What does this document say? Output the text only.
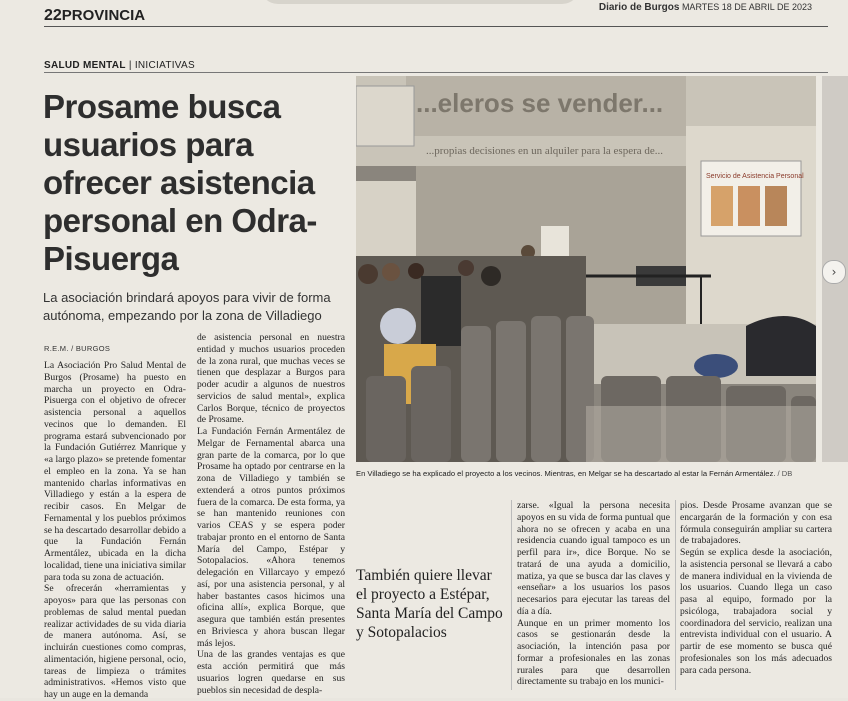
22PROVINCIA	Diario de Burgos MARTES 18 DE ABRIL DE 2023
SALUD MENTAL | INICIATIVAS
Prosame busca usuarios para ofrecer asistencia personal en Odra-Pisuerga
La asociación brindará apoyos para vivir de forma autónoma, empezando por la zona de Villadiego
R.E.M. / BURGOS
La Asociación Pro Salud Mental de Burgos (Prosame) ha puesto en marcha un proyecto en Odra-Pisuerga con el objetivo de ofrecer asistencia personal a aquellos vecinos que lo demanden. El programa estará subvencionado por la Fundación Gutiérrez Manrique y «a largo plazo» se pretende fomentar el empleo en la zona. Ya se han mantenido charlas informativas en Villadiego y están a la espera de recibir casos. En Melgar de Fernamental y los pueblos próximos se ha descartado desarrollar debido a que la Fundación Fernán Armentález, ubicada en la dicha localidad, tiene una iniciativa similar para toda su zona de actuación.
Se ofrecerán «herramientas y apoyos» para que las personas con problemas de salud mental puedan realizar actividades de su vida diaria de manera autónoma. Así, se incluirán cuestiones como compras, alimentación, higiene personal, ocio, tareas de limpieza o trámites administrativos. «Hemos visto que hay un auge en la demanda
de asistencia personal en nuestra entidad y muchos usuarios proceden de la zona rural, que muchas veces se tienen que desplazar a Burgos para poder acudir a algunos de nuestros servicios de salud mental», explica Carlos Borque, técnico de proyectos de Prosame.
La Fundación Fernán Armentález de Melgar de Fernamental abarca una gran parte de la comarca, por lo que Prosame ha optado por centrarse en la zona de Villadiego y también se extenderá a otros puntos próximos fuera de la comarca. De esta forma, ya se han mantenido reuniones con varios CEAS y se espera poder trabajar pronto en el entorno de Santa María del Campo, Estépar y Sotopalacios. «Ahora tenemos delegación en Villarcayo y empezó así, por una asistencia personal, y al haber bastantes casos hicimos una oficina allí», explica Borque, que asegura que también están presentes en Briviesca y ahora buscan llegar más lejos.
Una de las grandes ventajas es que esta acción permitirá que más usuarios logren quedarse en sus pueblos sin necesidad de despla-
...eleros se vender...
...propias decisiones en un alquiler para la espera de...
Servicio de Asistencia Personal
›
En Villadiego se ha explicado el proyecto a los vecinos. Mientras, en Melgar se ha descartado al estar la Fernán Armentález. / DB
También quiere llevar el proyecto a Estépar, Santa María del Campo y Sotopalacios
zarse. «Igual la persona necesita apoyos en su vida de forma puntual que ahora no se ofrecen y acaba en una residencia cuando igual tampoco es un perfil para ir», dice Borque. No se tratará de una ayuda a domicilio, matiza, ya que se busca dar las claves y «enseñar» a los usuarios los pasos necesarios para ejecutar las tareas del día a día.
Aunque en un primer momento los casos se gestionarán desde la asociación, la intención pasa por formar a profesionales en las zonas rurales para que desarrollen directamente su trabajo en los munici-
pios. Desde Prosame avanzan que se encargarán de la formación y con esa fórmula conseguirán ampliar su cartera de trabajadores.
Según se explica desde la asociación, la asistencia personal se llevará a cabo de manera individual en la vivienda de los usuarios. Cuando llega un caso pasa al equipo, formado por la psicóloga, trabajadora social y coordinadora del servicio, realizan una entrevista individual con el usuario. A partir de ese momento se busca qué profesionales son los más adecuados para cada persona.
